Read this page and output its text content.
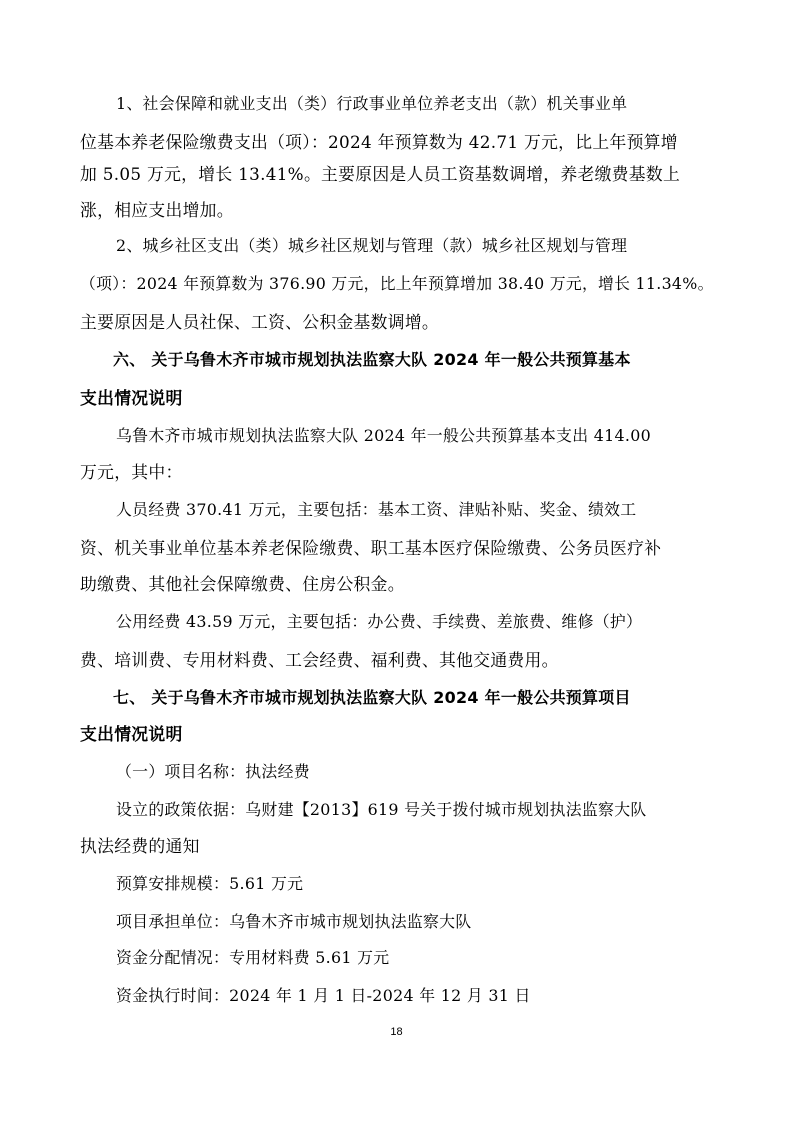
1、社会保障和就业支出（类）行政事业单位养老支出（款）机关事业单
位基本养老保险缴费支出（项）：2024 年预算数为 42.71 万元，比上年预算增
加 5.05 万元，增长 13.41%。主要原因是人员工资基数调增，养老缴费基数上
涨，相应支出增加。
2、城乡社区支出（类）城乡社区规划与管理（款）城乡社区规划与管理
（项）：2024 年预算数为 376.90 万元，比上年预算增加 38.40 万元，增长 11.34%。
主要原因是人员社保、工资、公积金基数调增。
六、 关于乌鲁木齐市城市规划执法监察大队 2024 年一般公共预算基本
支出情况说明
乌鲁木齐市城市规划执法监察大队 2024 年一般公共预算基本支出 414.00
万元，其中：
人员经费 370.41 万元，主要包括：基本工资、津贴补贴、奖金、绩效工
资、机关事业单位基本养老保险缴费、职工基本医疗保险缴费、公务员医疗补
助缴费、其他社会保障缴费、住房公积金。
公用经费 43.59 万元，主要包括：办公费、手续费、差旅费、维修（护）
费、培训费、专用材料费、工会经费、福利费、其他交通费用。
七、 关于乌鲁木齐市城市规划执法监察大队 2024 年一般公共预算项目
支出情况说明
（一）项目名称：执法经费
设立的政策依据：乌财建【2013】619 号关于拨付城市规划执法监察大队
执法经费的通知
预算安排规模：5.61 万元
项目承担单位：乌鲁木齐市城市规划执法监察大队
资金分配情况：专用材料费 5.61 万元
资金执行时间：2024 年 1 月 1 日-2024 年 12 月 31 日
18
